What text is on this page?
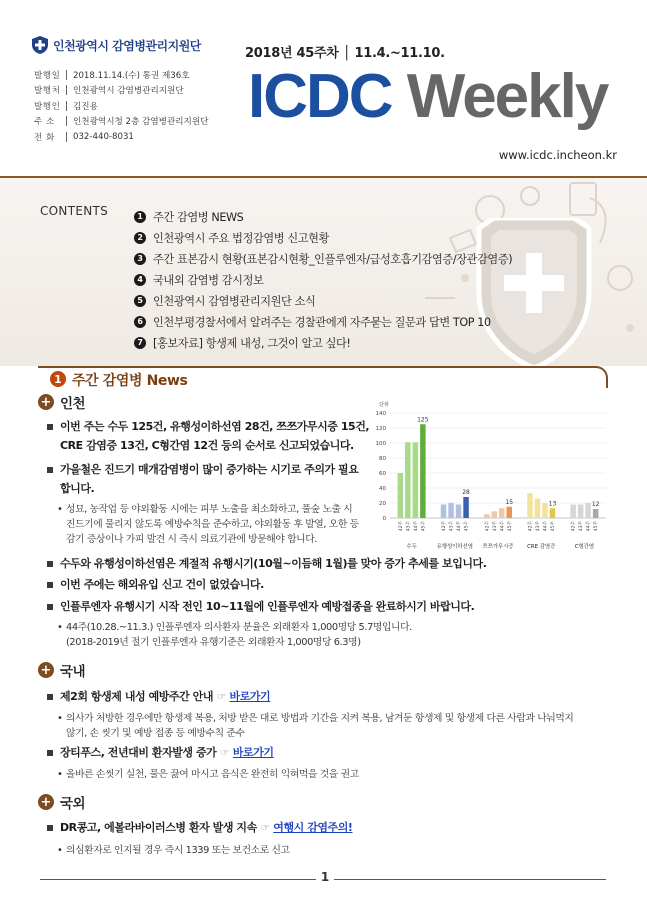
인천광역시 감염병관리지원단
2018년 45주차 │ 11.4.~11.10.
발행일	2018.11.14.(수) 통권 제36호
발행처	인천광역시 감염병관리지원단
발행인	김진용
주 소	인천광역시청 2층 감염병관리지원단
전 화	032-440-8031
ICDC Weekly
www.icdc.incheon.kr
CONTENTS	1 주간 감염병 NEWS
2 인천광역시 주요 법정감염병 신고현황
3 주간 표본감시 현황(표본감시현황_인플루엔자/급성호흡기감염증/장관감염증)
4 국내외 감염병 감시정보
5 인천광역시 감염병관리지원단 소식
6 인천부평경찰서에서 알려주는 경찰관에게 자주묻는 질문과 답변 TOP 10
7 [홍보자료] 항생제 내성, 그것이 알고 싶다!
1 주간 감염병 News
+ 인천
이번 주는 수두 125건, 유행성이하선염 28건, 쯔쯔가무시증 15건,
CRE 감염증 13건, C형간염 12건 등의 순서로 신고되었습니다.
가을철은 진드기 매개감염병이 많이 증가하는 시기로 주의가 필요
합니다.
• 성묘, 농작업 등 야외활동 시에는 피부 노출을 최소화하고, 풀숲 노출 시
진드기에 물리지 않도록 예방수칙을 준수하고, 야외활동 후 발열, 오한 등
감기 증상이나 가피 발견 시 즉시 의료기관에 방문해야 합니다.
수두와 유행성이하선염은 계절적 유행시기(10월~이듬해 1월)를 맞아 증가 추세를 보입니다.
이번 주에는 해외유입 신고 건이 없었습니다.
인플루엔자 유행시기 시작 전인 10~11월에 인플루엔자 예방접종을 완료하시기 바랍니다.
• 44주(10.28.~11.3.) 인플루엔자 의사환자 분율은 외래환자 1,000명당 5.7명입니다.
(2018-2019년 절기 인플루엔자 유행기준은 외래환자 1,000명당 6.3명)
단위
0
20
40
60
80
100
120
140
42주 43주 44주 45주
125
수두
42주 43주 44주 45주
28
유행성이하선염
42주 43주 44주 45주
15
쯔쯔가무시증
42주 43주 44주 45주
13
CRE 감염증
42주 43주 44주 45주
12
C형간염
+ 국내
제2회 항생제 내성 예방주간 안내 ☞ 바로가기
• 의사가 처방한 경우에만 항생제 복용, 처방 받은 대로 방법과 기간을 지켜 복용, 남겨둔 항생제 및 항생제 다른 사람과 나눠먹지
않기, 손 씻기 및 예방 접종 등 예방수칙 준수
장티푸스, 전년대비 환자발생 증가 ☞ 바로가기
• 올바른 손씻기 실천, 물은 끓여 마시고 음식은 완전히 익혀먹을 것을 권고
+ 국외
DR콩고, 에볼라바이러스병 환자 발생 지속 ☞ 여행시 감염주의!
• 의심환자로 인지될 경우 즉시 1339 또는 보건소로 신고
1
